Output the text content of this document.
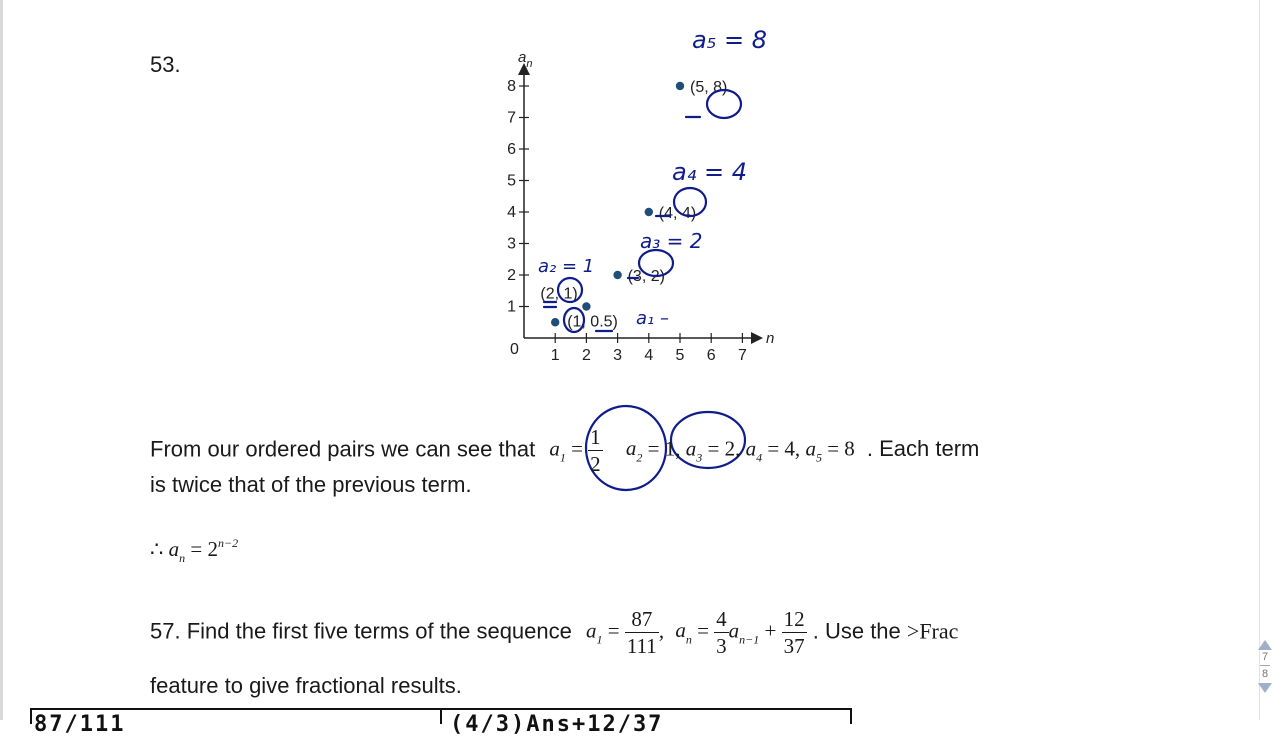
53.
1 2 3 4 5 6 7
1
2
3
4
5
6
7
8
0
n
$a_n$
(1, 0.5)
(2, 1)
(3, 2)
(4, 4)
(5, 8)
a₅ = 8
a₄ = 4
a₃ = 2
a₂ = 1
a₁ –
From our ordered pairs we can see that $a_1 = \frac{1}{2} a_2 = 1$, $a_3 = 2$, $a_4 = 4$, $a_5 = 8$ . Each term
is twice that of the previous term.
∴ $a_n = 2^{n-2}$
57. Find the first five terms of the sequence $a_1 = \frac{87}{111}$ , $a_n = \frac{4}{3} a_{n-1} + \frac{12}{37}$ . Use the >Frac
feature to give fractional results.
87/111	(4/3)Ans+12/37
7
8
